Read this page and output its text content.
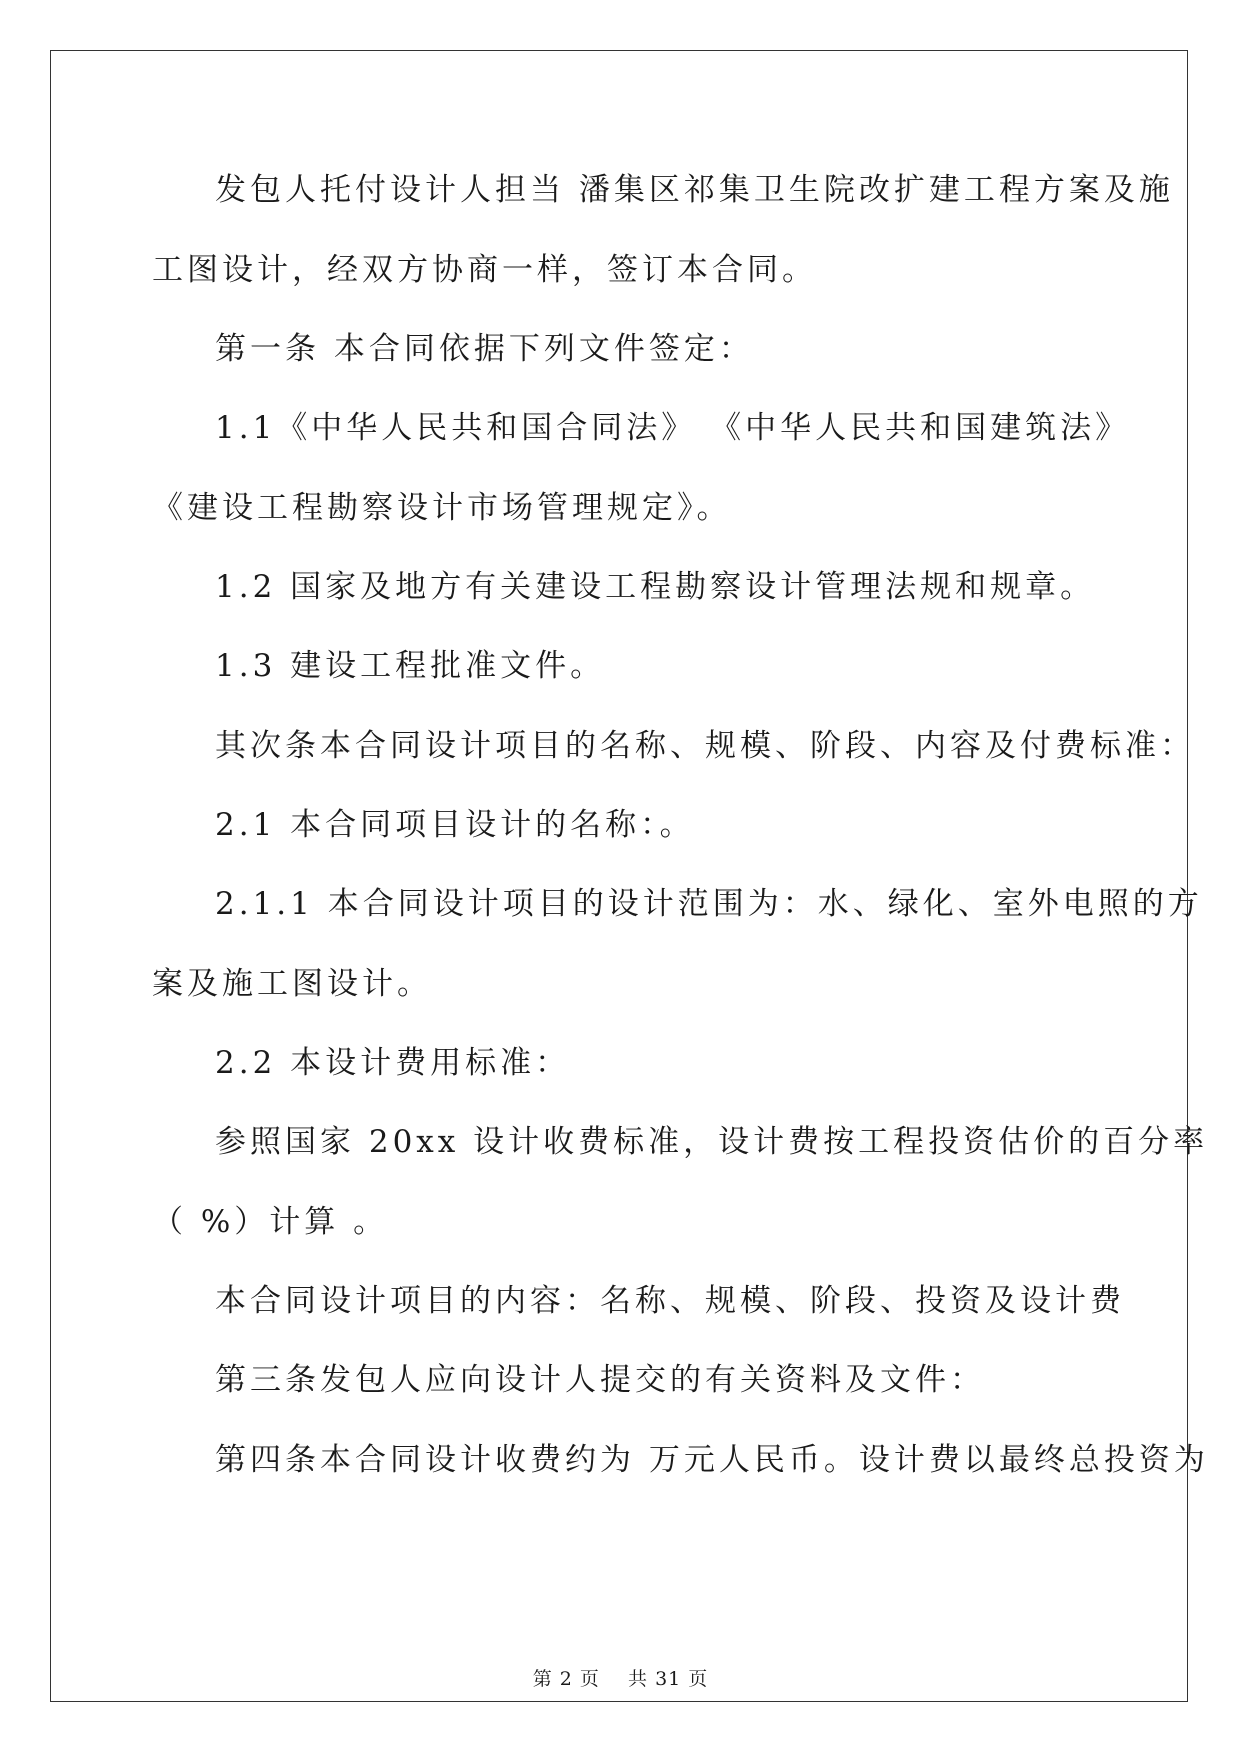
发包人托付设计人担当 潘集区祁集卫生院改扩建工程方案及施
工图设计，经双方协商一样，签订本合同。
第一条 本合同依据下列文件签定：
1.1《中华人民共和国合同法》 《中华人民共和国建筑法》
《建设工程勘察设计市场管理规定》。
1.2 国家及地方有关建设工程勘察设计管理法规和规章。
1.3 建设工程批准文件。
其次条本合同设计项目的名称、规模、阶段、内容及付费标准：
2.1 本合同项目设计的名称：。
2.1.1 本合同设计项目的设计范围为：水、绿化、室外电照的方
案及施工图设计。
2.2 本设计费用标准：
参照国家 20xx 设计收费标准，设计费按工程投资估价的百分率
（ %）计算 。
本合同设计项目的内容：名称、规模、阶段、投资及设计费
第三条发包人应向设计人提交的有关资料及文件：
第四条本合同设计收费约为 万元人民币。设计费以最终总投资为
第 2 页    共 31 页
